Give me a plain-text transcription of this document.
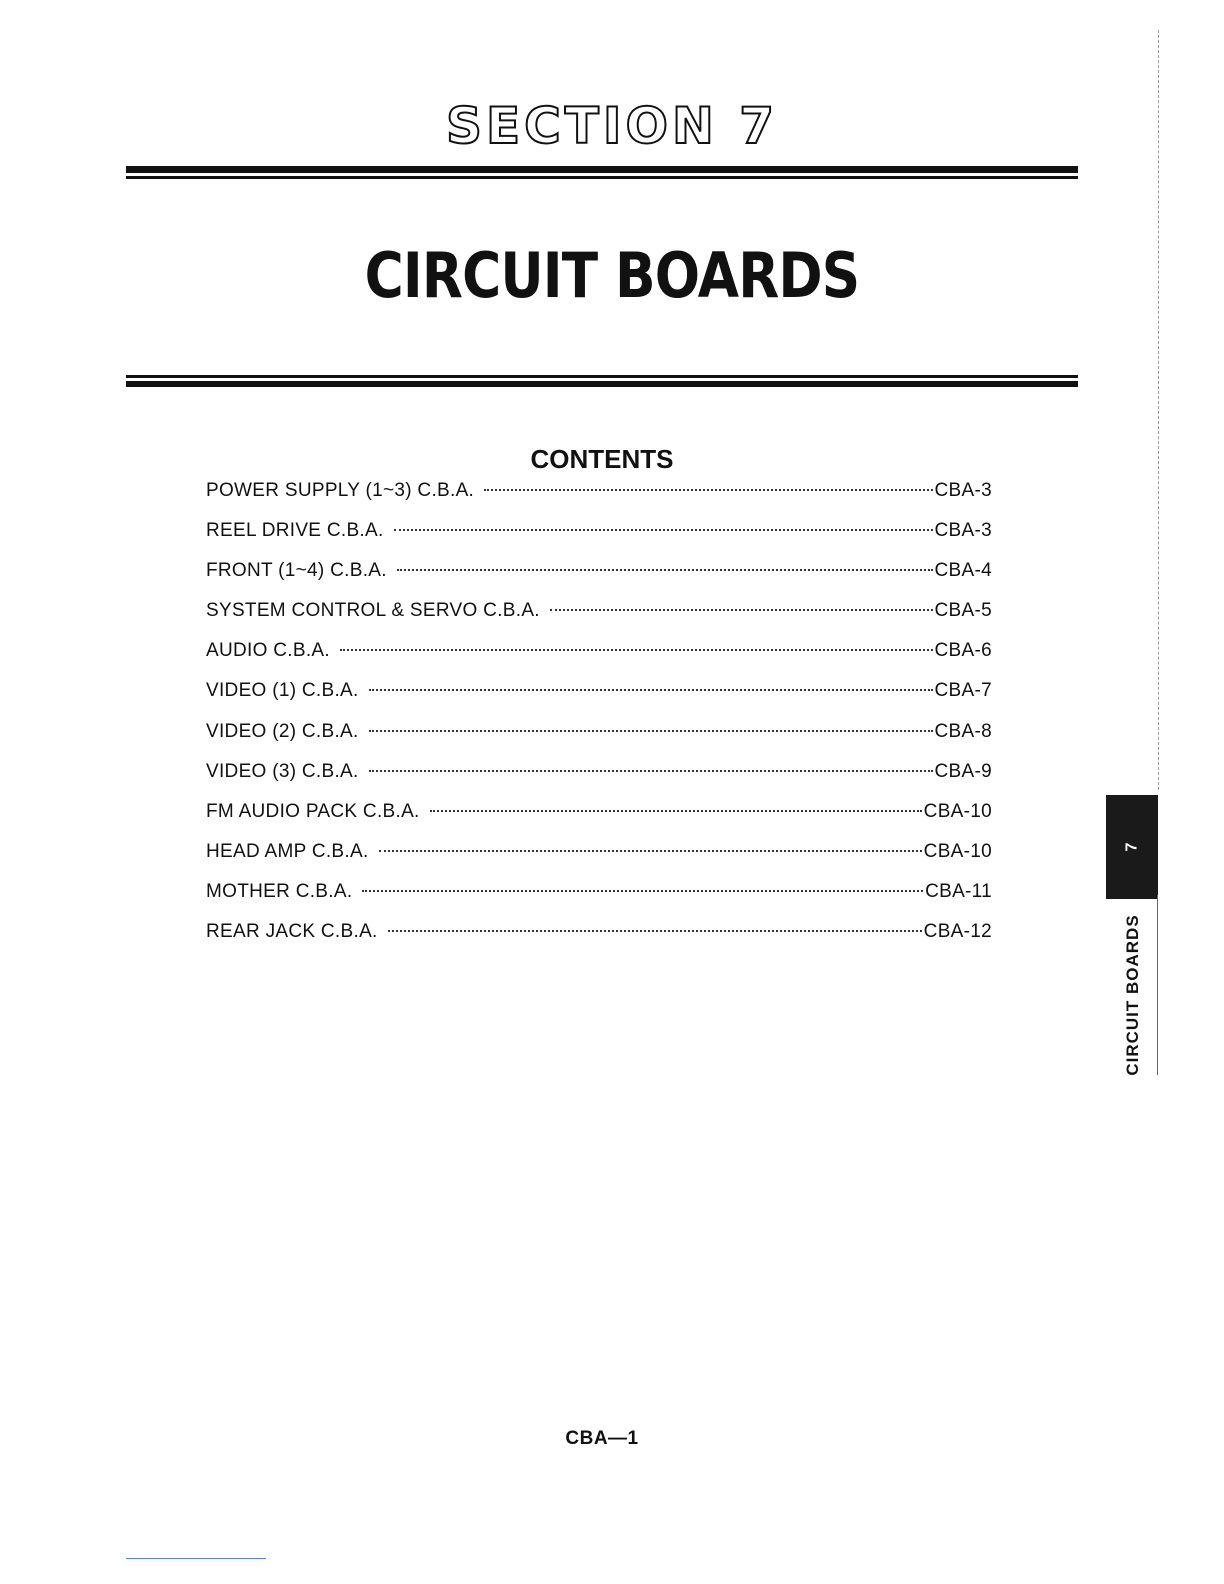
SECTION 7
CIRCUIT BOARDS
CONTENTS
POWER SUPPLY (1~3) C.B.A.	CBA-3
REEL DRIVE C.B.A.	CBA-3
FRONT (1~4) C.B.A.	CBA-4
SYSTEM CONTROL & SERVO C.B.A.	CBA-5
AUDIO C.B.A.	CBA-6
VIDEO (1) C.B.A.	CBA-7
VIDEO (2) C.B.A.	CBA-8
VIDEO (3) C.B.A.	CBA-9
FM AUDIO PACK C.B.A.	CBA-10
HEAD AMP C.B.A.	CBA-10
MOTHER C.B.A.	CBA-11
REAR JACK C.B.A.	CBA-12
7
CIRCUIT BOARDS
CBA—1
